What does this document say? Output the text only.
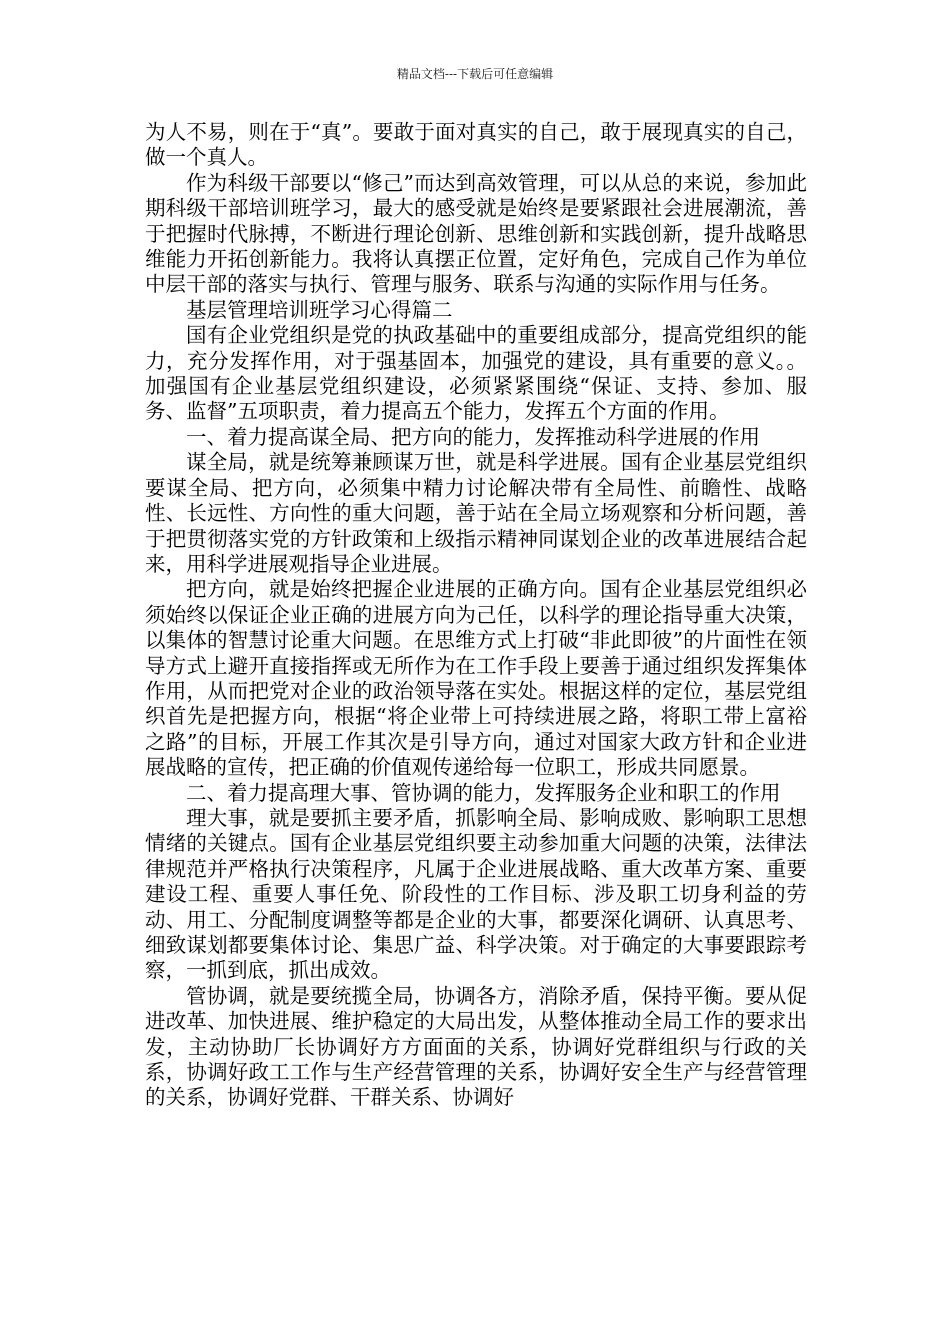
精品文档---下载后可任意编辑

为人不易，则在于“真”。要敢于面对真实的自己，敢于展现真实的自己，做一个真人。

作为科级干部要以“修己”而达到高效管理，可以从总的来说，参加此期科级干部培训班学习，最大的感受就是始终是要紧跟社会进展潮流，善于把握时代脉搏，不断进行理论创新、思维创新和实践创新，提升战略思维能力开拓创新能力。我将认真摆正位置，定好角色，完成自己作为单位中层干部的落实与执行、管理与服务、联系与沟通的实际作用与任务。

基层管理培训班学习心得篇二

国有企业党组织是党的执政基础中的重要组成部分，提高党组织的能力，充分发挥作用，对于强基固本，加强党的建设，具有重要的意义。。加强国有企业基层党组织建设，必须紧紧围绕“保证、支持、参加、服务、监督”五项职责，着力提高五个能力，发挥五个方面的作用。

一、着力提高谋全局、把方向的能力，发挥推动科学进展的作用

谋全局，就是统筹兼顾谋万世，就是科学进展。国有企业基层党组织要谋全局、把方向，必须集中精力讨论解决带有全局性、前瞻性、战略性、长远性、方向性的重大问题，善于站在全局立场观察和分析问题，善于把贯彻落实党的方针政策和上级指示精神同谋划企业的改革进展结合起来，用科学进展观指导企业进展。

把方向，就是始终把握企业进展的正确方向。国有企业基层党组织必须始终以保证企业正确的进展方向为己任，以科学的理论指导重大决策，以集体的智慧讨论重大问题。在思维方式上打破“非此即彼”的片面性在领导方式上避开直接指挥或无所作为在工作手段上要善于通过组织发挥集体作用，从而把党对企业的政治领导落在实处。根据这样的定位，基层党组织首先是把握方向，根据“将企业带上可持续进展之路，将职工带上富裕之路”的目标，开展工作其次是引导方向，通过对国家大政方针和企业进展战略的宣传，把正确的价值观传递给每一位职工，形成共同愿景。

二、着力提高理大事、管协调的能力，发挥服务企业和职工的作用

理大事，就是要抓主要矛盾，抓影响全局、影响成败、影响职工思想情绪的关键点。国有企业基层党组织要主动参加重大问题的决策，法律法律规范并严格执行决策程序，凡属于企业进展战略、重大改革方案、重要建设工程、重要人事任免、阶段性的工作目标、涉及职工切身利益的劳动、用工、分配制度调整等都是企业的大事，都要深化调研、认真思考、细致谋划都要集体讨论、集思广益、科学决策。对于确定的大事要跟踪考察，一抓到底，抓出成效。

管协调，就是要统揽全局，协调各方，消除矛盾，保持平衡。要从促进改革、加快进展、维护稳定的大局出发，从整体推动全局工作的要求出发，主动协助厂长协调好方方面面的关系，协调好党群组织与行政的关系，协调好政工工作与生产经营管理的关系，协调好安全生产与经营管理的关系，协调好党群、干群关系、协调好
